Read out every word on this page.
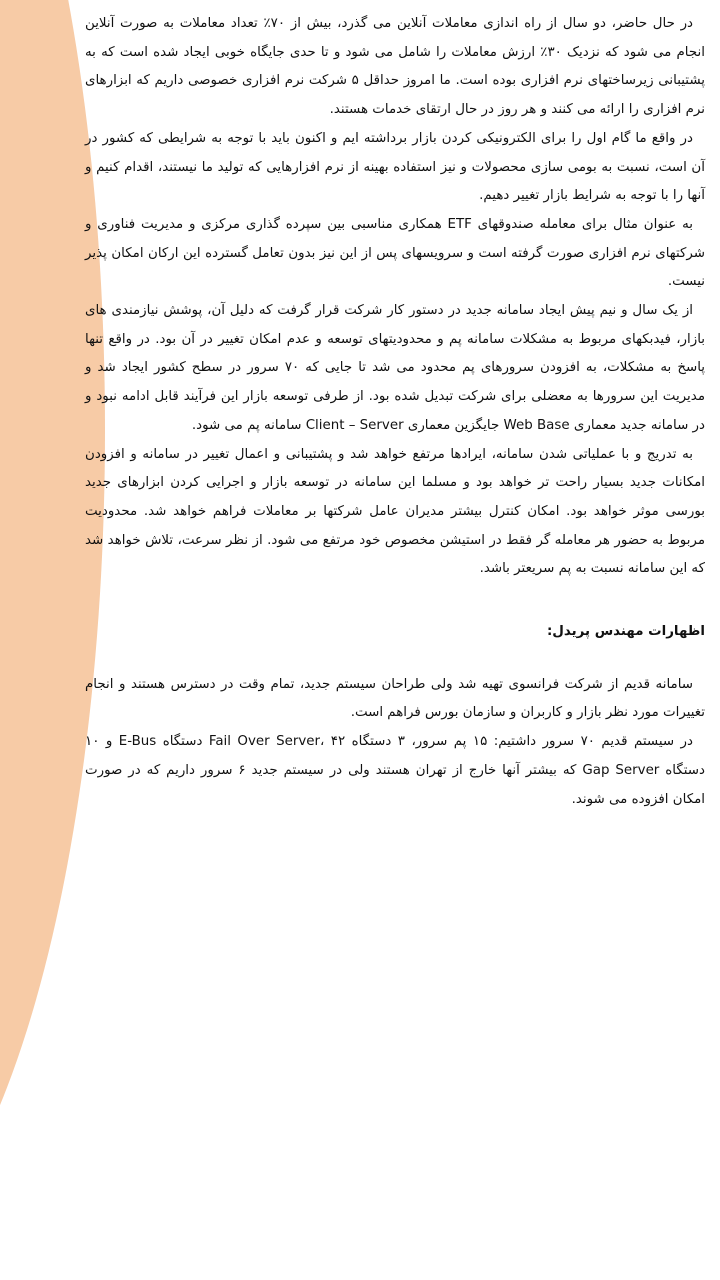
در حال حاضر، دو سال از راه اندازی معاملات آنلاین می گذرد، بیش از ۷۰٪ تعداد معاملات به صورت آنلاین انجام می شود که نزدیک ۳۰٪ ارزش معاملات را شامل می شود و تا حدی جایگاه خوبی ایجاد شده است که به پشتیبانی زیرساختهای نرم افزاری بوده است. ما امروز حداقل ۵ شرکت نرم افزاری خصوصی داریم که ابزارهای نرم افزاری را ارائه می کنند و هر روز در حال ارتقای خدمات هستند.

در واقع ما گام اول را برای الکترونیکی کردن بازار برداشته ایم و اکنون باید با توجه به شرایطی که کشور در آن است، نسبت به بومی سازی محصولات و نیز استفاده بهینه از نرم افزارهایی که تولید ما نیستند، اقدام کنیم و آنها را با توجه به شرایط بازار تغییر دهیم.

به عنوان مثال برای معامله صندوقهای ETF همکاری مناسبی بین سپرده گذاری مرکزی و مدیریت فناوری و شرکتهای نرم افزاری صورت گرفته است و سرویسهای پس از این نیز بدون تعامل گسترده این ارکان امکان پذیر نیست.

از یک سال و نیم پیش ایجاد سامانه جدید در دستور کار شرکت قرار گرفت که دلیل آن، پوشش نیازمندی های بازار، فیدبکهای مربوط به مشکلات سامانه پم و محدودیتهای توسعه و عدم امکان تغییر در آن بود. در واقع تنها پاسخ به مشکلات، به افزودن سرورهای پم محدود می شد تا جایی که ۷۰ سرور در سطح کشور ایجاد شد و مدیریت این سرورها به معضلی برای شرکت تبدیل شده بود. از طرفی توسعه بازار این فرآیند قابل ادامه نبود و در سامانه جدید معماری Web Base جایگزین معماری Client – Server سامانه پم می شود.

به تدریج و با عملیاتی شدن سامانه، ایرادها مرتفع خواهد شد و پشتیبانی و اعمال تغییر در سامانه و افزودن امکانات جدید بسیار راحت تر خواهد بود و مسلما این سامانه در توسعه بازار و اجرایی کردن ابزارهای جدید بورسی موثر خواهد بود. امکان کنترل بیشتر مدیران عامل شرکتها بر معاملات فراهم خواهد شد. محدودیت مربوط به حضور هر معامله گر فقط در استیشن مخصوص خود مرتفع می شود. از نظر سرعت، تلاش خواهد شد که این سامانه نسبت به پم سریعتر باشد.

اظهارات مهندس پریدل:

سامانه قدیم از شرکت فرانسوی تهیه شد ولی طراحان سیستم جدید، تمام وقت در دسترس هستند و انجام تغییرات مورد نظر بازار و کاربران و سازمان بورس فراهم است.

در سیستم قدیم ۷۰ سرور داشتیم: ۱۵ پم سرور، ۳ دستگاه Fail Over Server، ۴۲ دستگاه E-Bus و ۱۰ دستگاه Gap Server که بیشتر آنها خارج از تهران هستند ولی در سیستم جدید ۶ سرور داریم که در صورت امکان افزوده می شوند.
